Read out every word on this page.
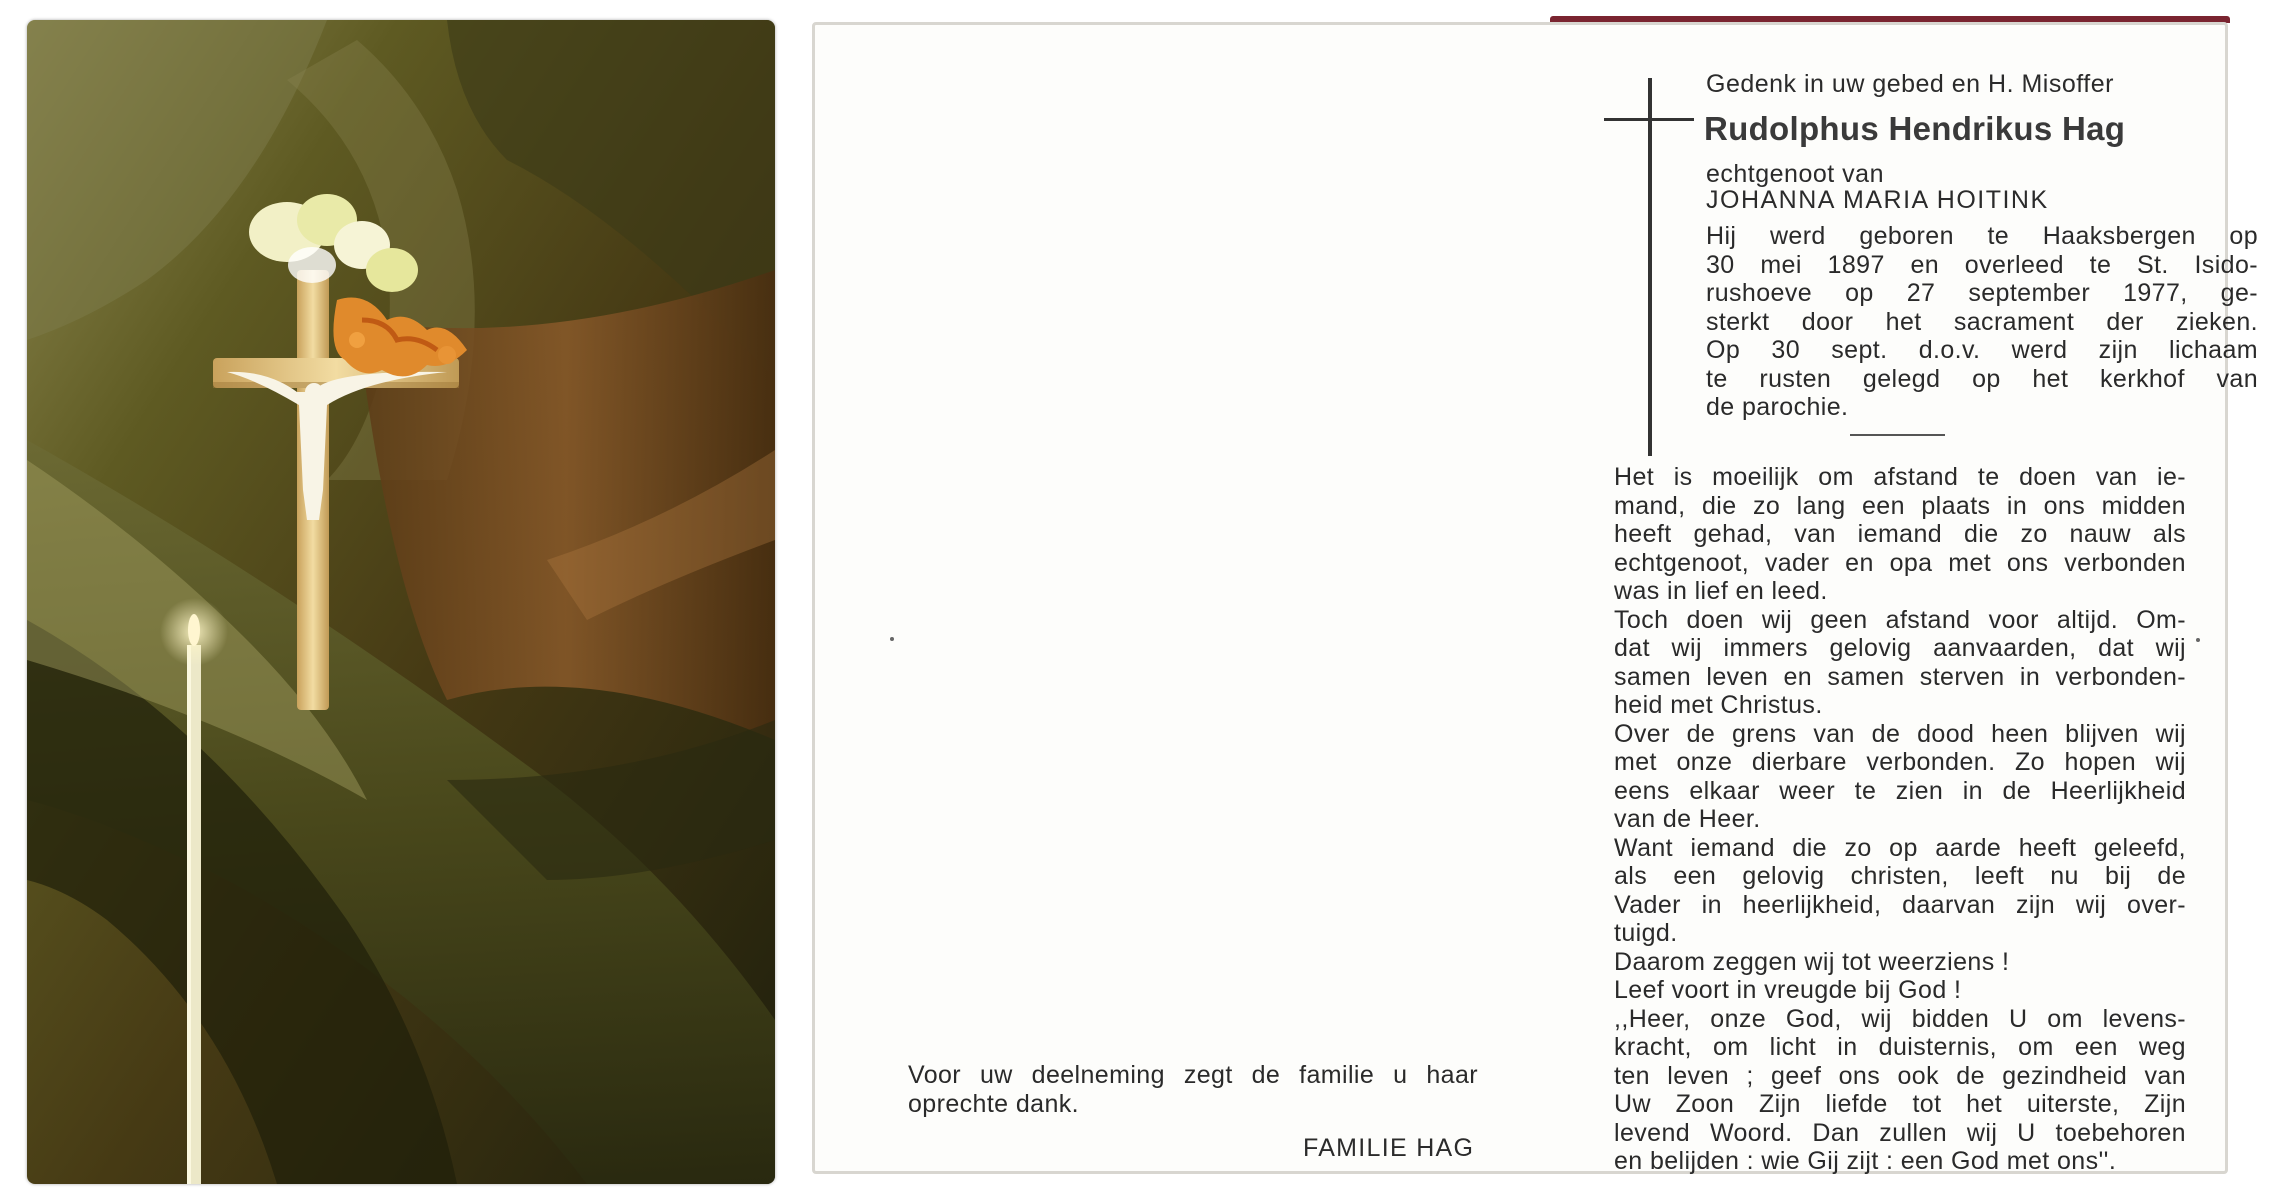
Gedenk in uw gebed en H. Misoffer

Rudolphus Hendrikus Hag

echtgenoot van

JOHANNA MARIA HOITINK

Hij werd geboren te Haaksbergen op
30 mei 1897 en overleed te St. Isido-
rushoeve op 27 september 1977, ge-
sterkt door het sacrament der zieken.
Op 30 sept. d.o.v. werd zijn lichaam
te rusten gelegd op het kerkhof van
de parochie.
Het is moeilijk om afstand te doen van ie-
mand, die zo lang een plaats in ons midden
heeft gehad, van iemand die zo nauw als
echtgenoot, vader en opa met ons verbonden
was in lief en leed.
Toch doen wij geen afstand voor altijd. Om-
dat wij immers gelovig aanvaarden, dat wij
samen leven en samen sterven in verbonden-
heid met Christus.
Over de grens van de dood heen blijven wij
met onze dierbare verbonden. Zo hopen wij
eens elkaar weer te zien in de Heerlijkheid
van de Heer.
Want iemand die zo op aarde heeft geleefd,
als een gelovig christen, leeft nu bij de
Vader in heerlijkheid, daarvan zijn wij over-
tuigd.
Daarom zeggen wij tot weerziens !
Leef voort in vreugde bij God !
,,Heer, onze God, wij bidden U om levens-
kracht, om licht in duisternis, om een weg
ten leven ; geef ons ook de gezindheid van
Uw Zoon Zijn liefde tot het uiterste, Zijn
levend Woord. Dan zullen wij U toebehoren
en belijden : wie Gij zijt : een God met ons''.
Voor uw deelneming zegt de familie u haar
oprechte dank.

FAMILIE HAG
